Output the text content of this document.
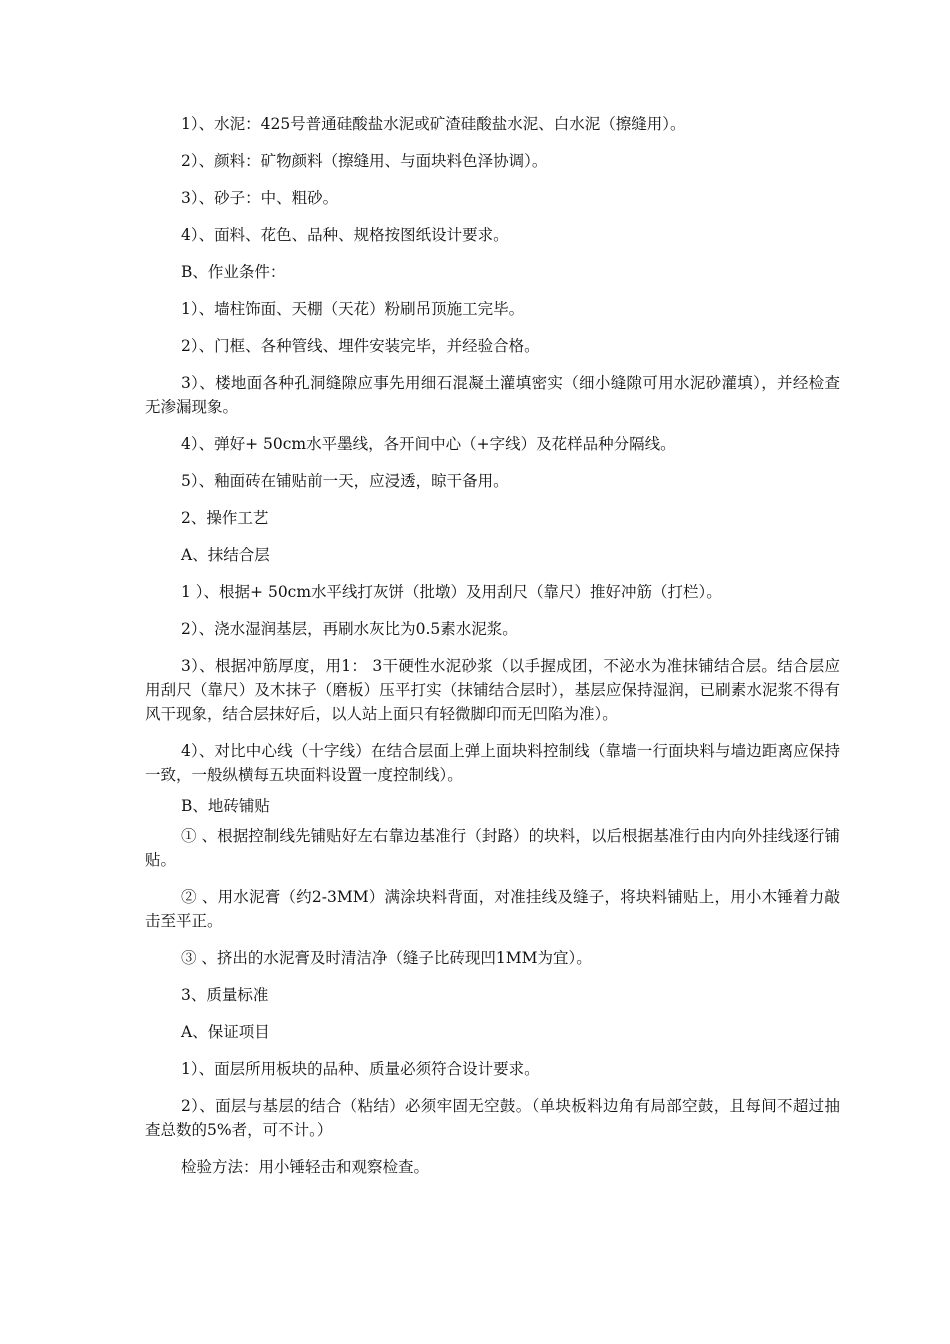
1）、水泥：425号普通硅酸盐水泥或矿渣硅酸盐水泥、白水泥（擦缝用）。

2）、颜料：矿物颜料（擦缝用、与面块料色泽协调）。

3）、砂子：中、粗砂。

4）、面料、花色、品种、规格按图纸设计要求。

B、作业条件：

1）、墙柱饰面、天棚（天花）粉刷吊顶施工完毕。

2）、门框、各种管线、埋件安装完毕，并经验合格。

3）、楼地面各种孔洞缝隙应事先用细石混凝土灌填密实（细小缝隙可用水泥砂灌填），并经检查无渗漏现象。

4）、弹好+ 50cm水平墨线，各开间中心（+字线）及花样品种分隔线。

5）、釉面砖在铺贴前一天，应浸透，晾干备用。

2、操作工艺

A、抹结合层

1 ）、根据+ 50cm水平线打灰饼（批墩）及用刮尺（靠尺）推好冲筋（打栏）。

2）、浇水湿润基层，再刷水灰比为0.5素水泥浆。

3）、根据冲筋厚度，用1： 3干硬性水泥砂浆（以手握成团，不泌水为准抹铺结合层。结合层应用刮尺（靠尺）及木抹子（磨板）压平打实（抹铺结合层时），基层应保持湿润，已刷素水泥浆不得有风干现象，结合层抹好后，以人站上面只有轻微脚印而无凹陷为准）。

4）、对比中心线（十字线）在结合层面上弹上面块料控制线（靠墙一行面块料与墙边距离应保持一致，一般纵横每五块面料设置一度控制线）。

B、地砖铺贴

① 、根据控制线先铺贴好左右靠边基准行（封路）的块料，以后根据基准行由内向外挂线逐行铺贴。

② 、用水泥膏（约2-3MM）满涂块料背面，对准挂线及缝子，将块料铺贴上，用小木锤着力敲击至平正。

③ 、挤出的水泥膏及时清洁净（缝子比砖现凹1MM为宜）。

3、质量标准

A、保证项目

1）、面层所用板块的品种、质量必须符合设计要求。

2）、面层与基层的结合（粘结）必须牢固无空鼓。（单块板料边角有局部空鼓，且每间不超过抽查总数的5%者，可不计。）

检验方法：用小锤轻击和观察检查。
